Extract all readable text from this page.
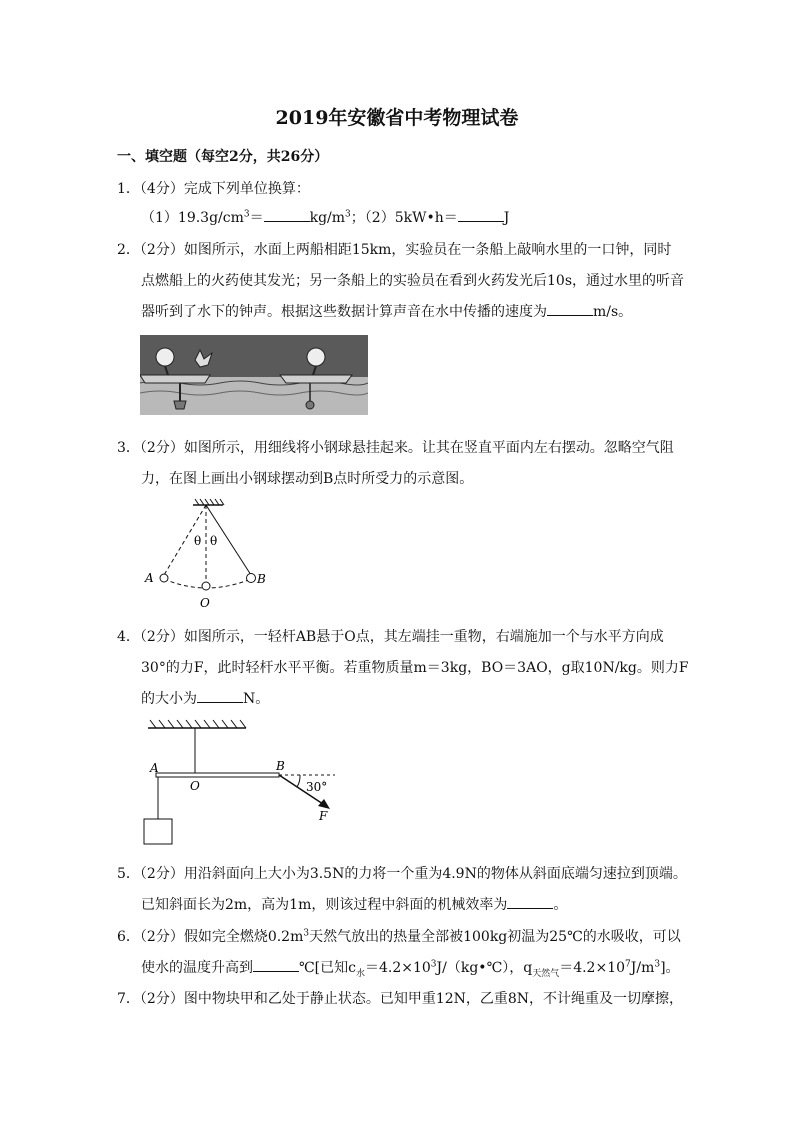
2019年安徽省中考物理试卷
一、填空题（每空2分，共26分）
1．（4分）完成下列单位换算：
$(1)19.3g/cm^3=$	$kg/m^3$；（2）5kW•h＝	J
2．（2分）如图所示，水面上两船相距15km，实验员在一条船上敲响水里的一口钟，同时
点燃船上的火药使其发光；另一条船上的实验员在看到火药发光后10s，通过水里的听音
器听到了水下的钟声。根据这些数据计算声音在水中传播的速度为	m/s。
3．（2分）如图所示，用细线将小钢球悬挂起来。让其在竖直平面内左右摆动。忽略空气阻
力，在图上画出小钢球摆动到B点时所受力的示意图。
θ θ
A	B
O
4．（2分）如图所示，一轻杆AB悬于O点，其左端挂一重物，右端施加一个与水平方向成
30°的力F，此时轻杆水平平衡。若重物质量m＝3kg，BO＝3AO，g取10N/kg。则力F
的大小为	N。
A
O
B
30°
F
5．（2分）用沿斜面向上大小为3.5N的力将一个重为4.9N的物体从斜面底端匀速拉到顶端。
已知斜面长为2m，高为1m，则该过程中斜面的机械效率为	。
6．（2分）假如完全燃烧$0.2m^3$天然气放出的热量全部被100kg初温为25℃的水吸收，可以
使水的温度升高到	℃[已知$c_水=4.2\times 10^3J/(kg•℃)$，$q_{天然气}=4.2\times 10^7J/m^3$]。
7．（2分）图中物块甲和乙处于静止状态。已知甲重12N，乙重8N，不计绳重及一切摩擦，
